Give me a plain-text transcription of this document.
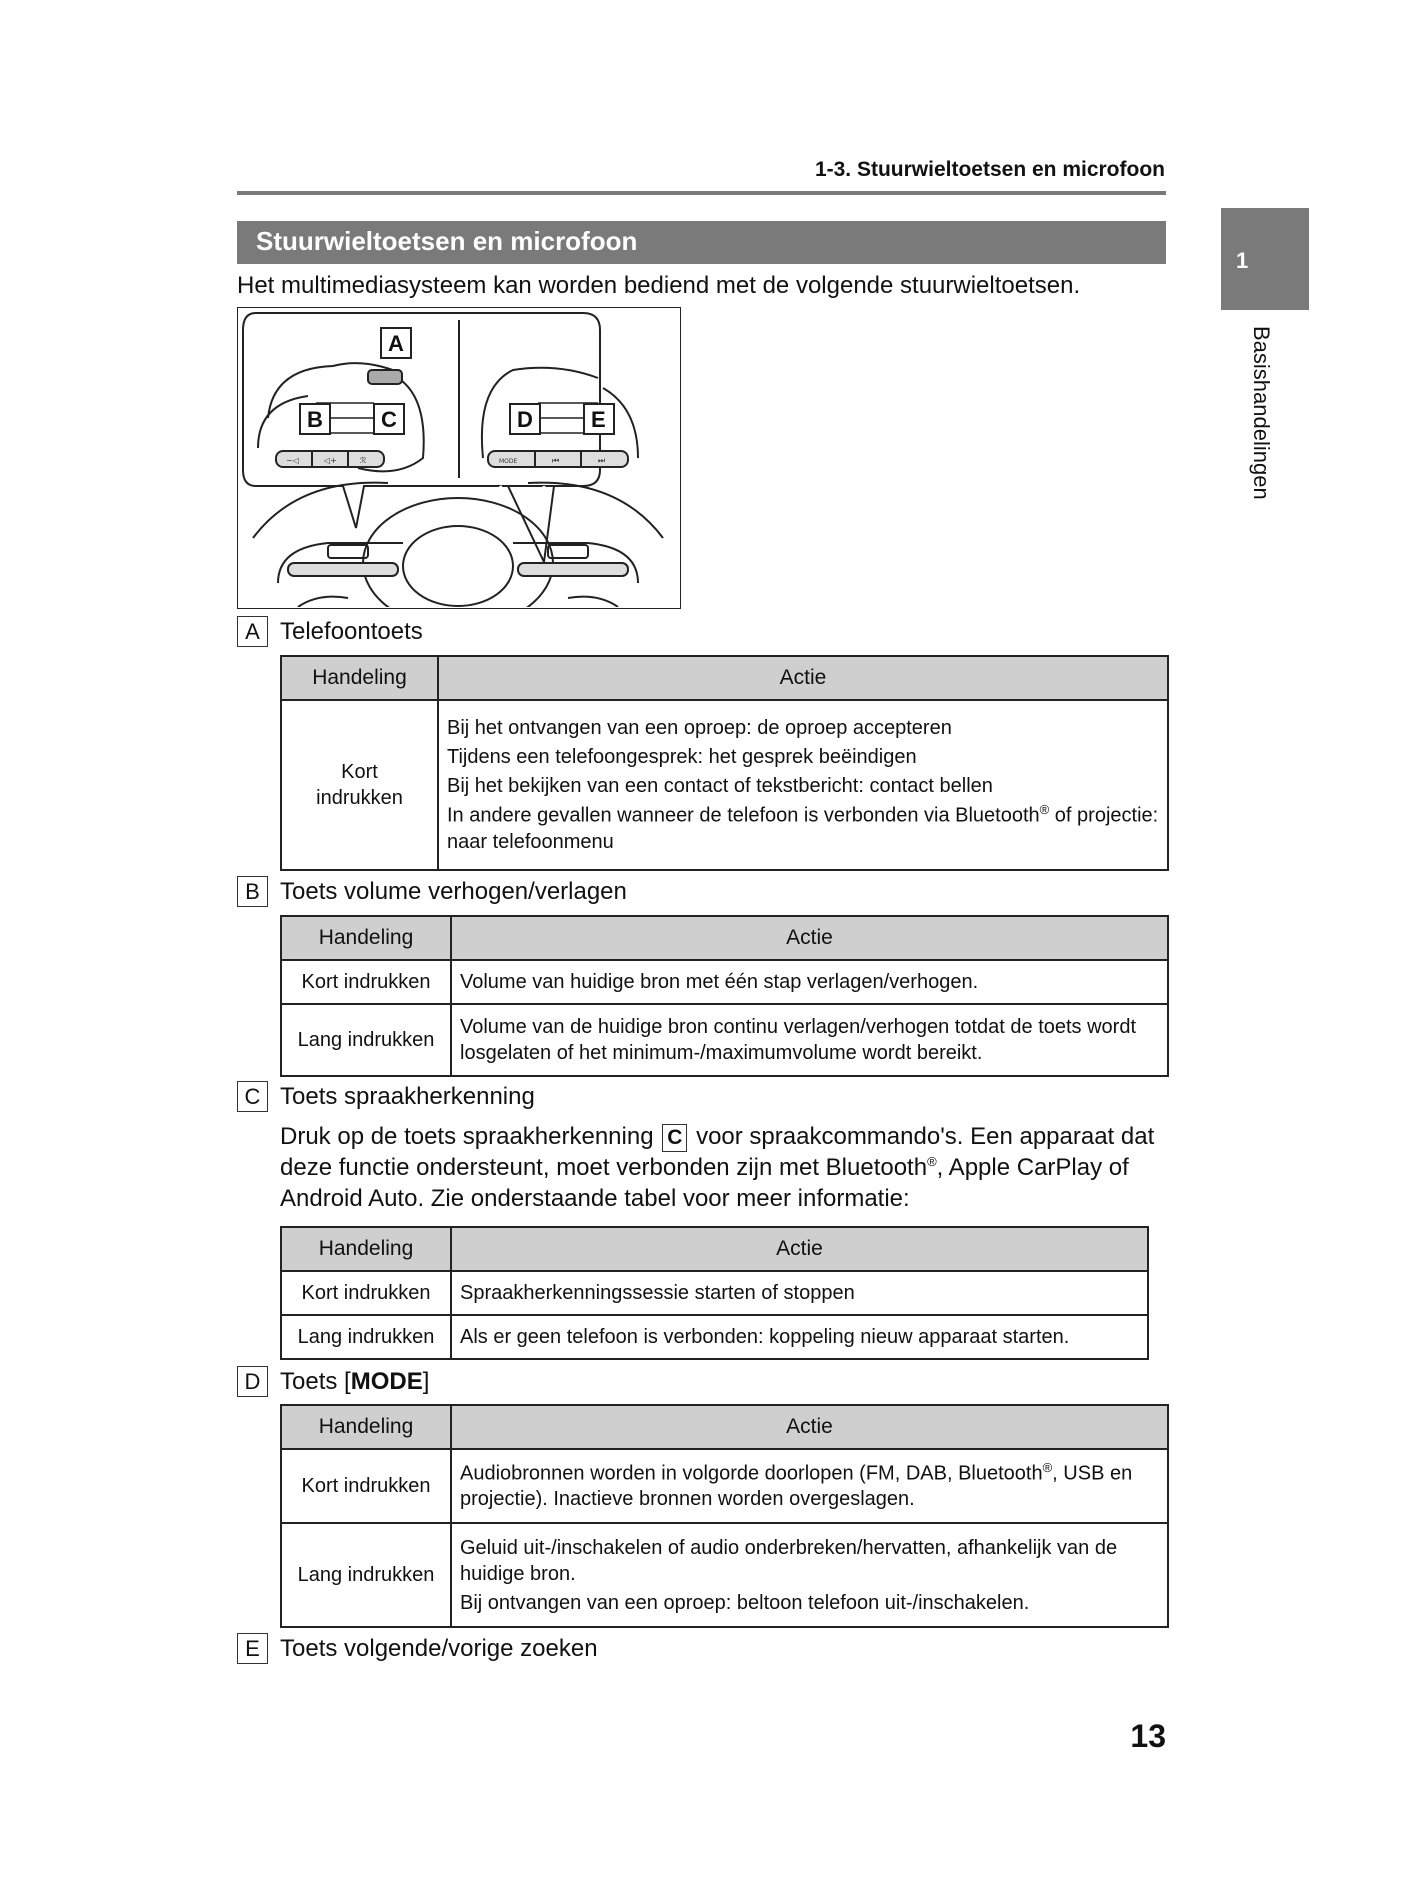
1-3. Stuurwieltoetsen en microfoon
1
Basishandelingen
Stuurwieltoetsen en microfoon
Het multimediasysteem kan worden bediend met de volgende stuurwieltoetsen.
−◁	◁+	ℛ	MODE	⏮	⏭
A
B	C	D	E
A Telefoontoets
Handeling	Actie
Kort indrukken	Bij het ontvangen van een oproep: de oproep accepteren
Tijdens een telefoongesprek: het gesprek beëindigen
Bij het bekijken van een contact of tekstbericht: contact bellen
In andere gevallen wanneer de telefoon is verbonden via Bluetooth® of projectie: naar telefoonmenu
B Toets volume verhogen/verlagen
Handeling	Actie
Kort indrukken	Volume van huidige bron met één stap verlagen/verhogen.
Lang indrukken	Volume van de huidige bron continu verlagen/verhogen totdat de toets wordt losgelaten of het minimum-/maximumvolume wordt bereikt.
C Toets spraakherkenning
Druk op de toets spraakherkenning C voor spraakcommando's. Een apparaat dat deze functie ondersteunt, moet verbonden zijn met Bluetooth®, Apple CarPlay of Android Auto. Zie onderstaande tabel voor meer informatie:
Handeling	Actie
Kort indrukken	Spraakherkenningssessie starten of stoppen
Lang indrukken	Als er geen telefoon is verbonden: koppeling nieuw apparaat starten.
D Toets [MODE]
Handeling	Actie
Kort indrukken	Audiobronnen worden in volgorde doorlopen (FM, DAB, Bluetooth®, USB en projectie). Inactieve bronnen worden overgeslagen.
Lang indrukken	Geluid uit-/inschakelen of audio onderbreken/hervatten, afhankelijk van de huidige bron.
Bij ontvangen van een oproep: beltoon telefoon uit-/inschakelen.
E Toets volgende/vorige zoeken
13
